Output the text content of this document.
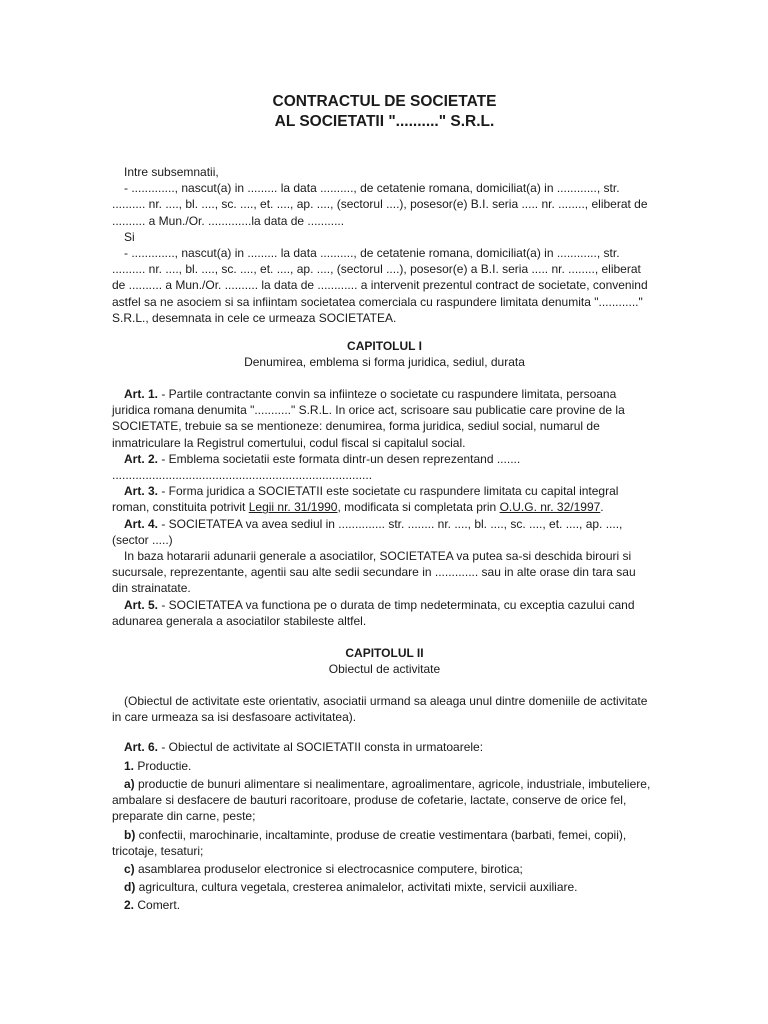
CONTRACTUL DE SOCIETATE

AL SOCIETATII ".........." S.R.L.

Intre subsemnatii,

- ............., nascut(a) in ......... la data .........., de cetatenie romana, domiciliat(a) in ............, str. .......... nr. ...., bl. ...., sc. ...., et. ...., ap. ...., (sectorul ....), posesor(e) B.I. seria ..... nr. ........, eliberat de .......... a Mun./Or. .............la data de ...........

Si

- ............., nascut(a) in ......... la data .........., de cetatenie romana, domiciliat(a) in ............, str. .......... nr. ...., bl. ...., sc. ...., et. ...., ap. ...., (sectorul ....), posesor(e) a B.I. seria ..... nr. ........, eliberat de .......... a Mun./Or. .......... la data de ............ a intervenit prezentul contract de societate, convenind astfel sa ne asociem si sa infiintam societatea comerciala cu raspundere limitata denumita "............" S.R.L., desemnata in cele ce urmeaza SOCIETATEA.

CAPITOLUL I

Denumirea, emblema si forma juridica, sediul, durata

Art. 1. - Partile contractante convin sa infiinteze o societate cu raspundere limitata, persoana juridica romana denumita "..........." S.R.L. In orice act, scrisoare sau publicatie care provine de la SOCIETATE, trebuie sa se mentioneze: denumirea, forma juridica, sediul social, numarul de inmatriculare la Registrul comertului, codul fiscal si capitalul social.

Art. 2. - Emblema societatii este formata dintr-un desen reprezentand ....... ..............................................................................

Art. 3. - Forma juridica a SOCIETATII este societate cu raspundere limitata cu capital integral roman, constituita potrivit Legii nr. 31/1990, modificata si completata prin O.U.G. nr. 32/1997.

Art. 4. - SOCIETATEA va avea sediul in .............. str. ........ nr. ...., bl. ...., sc. ...., et. ...., ap. ...., (sector .....)

In baza hotararii adunarii generale a asociatilor, SOCIETATEA va putea sa-si deschida birouri si sucursale, reprezentante, agentii sau alte sedii secundare in ............. sau in alte orase din tara sau din strainatate.

Art. 5. - SOCIETATEA va functiona pe o durata de timp nedeterminata, cu exceptia cazului cand adunarea generala a asociatilor stabileste altfel.

CAPITOLUL II

Obiectul de activitate

(Obiectul de activitate este orientativ, asociatii urmand sa aleaga unul dintre domeniile de activitate in care urmeaza sa isi desfasoare activitatea).

Art. 6. - Obiectul de activitate al SOCIETATII consta in urmatoarele:

1. Productie.

a) productie de bunuri alimentare si nealimentare, agroalimentare, agricole, industriale, imbuteliere, ambalare si desfacere de bauturi racoritoare, produse de cofetarie, lactate, conserve de orice fel, preparate din carne, peste;

b) confectii, marochinarie, incaltaminte, produse de creatie vestimentara (barbati, femei, copii), tricotaje, tesaturi;

c) asamblarea produselor electronice si electrocasnice computere, birotica;

d) agricultura, cultura vegetala, cresterea animalelor, activitati mixte, servicii auxiliare.

2. Comert.
